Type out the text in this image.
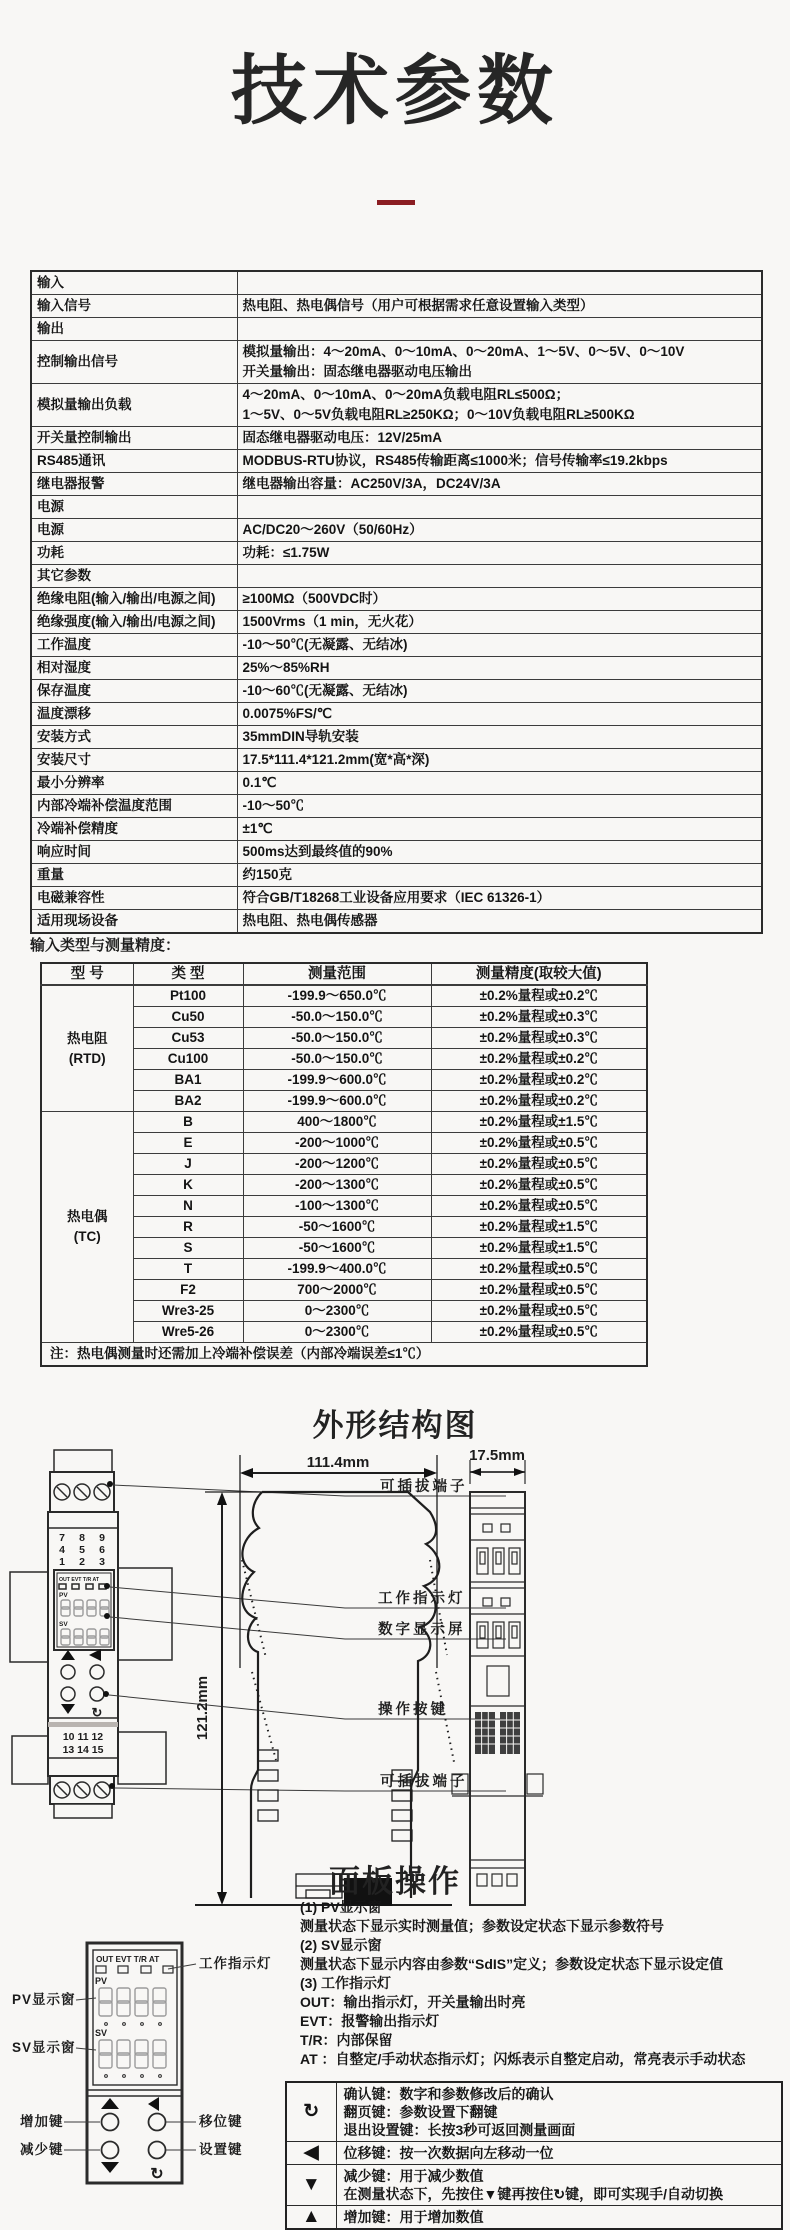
技术参数
输入	

输入信号	热电阻、热电偶信号（用户可根据需求任意设置输入类型）

输出	

控制输出信号	模拟量输出：4～20mA、0～10mA、0～20mA、1～5V、0～5V、0～10V
开关量输出：固态继电器驱动电压输出

模拟量输出负载	4～20mA、0～10mA、0～20mA负载电阻RL≤500Ω；
1～5V、0～5V负载电阻RL≥250KΩ；0～10V负载电阻RL≥500KΩ

开关量控制输出	固态继电器驱动电压：12V/25mA

RS485通讯	MODBUS-RTU协议，RS485传输距离≤1000米；信号传输率≤19.2kbps

继电器报警	继电器输出容量：AC250V/3A，DC24V/3A

电源	

电源	AC/DC20～260V（50/60Hz）

功耗	功耗：≤1.75W

其它参数	

绝缘电阻(输入/输出/电源之间)	≥100MΩ（500VDC时）

绝缘强度(输入/输出/电源之间)	1500Vrms（1 min，无火花）

工作温度	-10～50℃(无凝露、无结冰)

相对湿度	25%～85%RH

保存温度	-10～60℃(无凝露、无结冰)

温度漂移	0.0075%FS/℃

安装方式	35mmDIN导轨安装

安装尺寸	17.5*111.4*121.2mm(宽*高*深)

最小分辨率	0.1℃

内部冷端补偿温度范围	-10～50℃

冷端补偿精度	±1℃

响应时间	500ms达到最终值的90%

重量	约150克

电磁兼容性	符合GB/T18268工业设备应用要求（IEC 61326-1）

适用现场设备	热电阻、热电偶传感器
输入类型与测量精度：
型 号	类 型	测量范围	测量精度(取较大值)

热电阻
(RTD)	Pt100	-199.9～650.0℃	±0.2%量程或±0.2℃
	Cu50	-50.0～150.0℃	±0.2%量程或±0.3℃
	Cu53	-50.0～150.0℃	±0.2%量程或±0.3℃
	Cu100	-50.0～150.0℃	±0.2%量程或±0.2℃
	BA1	-199.9～600.0℃	±0.2%量程或±0.2℃
	BA2	-199.9～600.0℃	±0.2%量程或±0.2℃

热电偶
(TC)	B	400～1800℃	±0.2%量程或±1.5℃
	E	-200～1000℃	±0.2%量程或±0.5℃
	J	-200～1200℃	±0.2%量程或±0.5℃
	K	-200～1300℃	±0.2%量程或±0.5℃
	N	-100～1300℃	±0.2%量程或±0.5℃
	R	-50～1600℃	±0.2%量程或±1.5℃
	S	-50～1600℃	±0.2%量程或±1.5℃
	T	-199.9～400.0℃	±0.2%量程或±0.5℃
	F2	700～2000℃	±0.2%量程或±0.5℃
	Wre3-25	0～2300℃	±0.2%量程或±0.5℃
	Wre5-26	0～2300℃	±0.2%量程或±0.5℃
注：热电偶测量时还需加上冷端补偿误差（内部冷端误差≤1℃）			
外形结构图
7 8 9
4 5 6
1 2 3
OUT EVT T/R AT
PV
SV
↻
10 11 12
13 14 15
可插拔端子
工作指示灯
数字显示屏
操作按键
可插拔端子
111.4mm
121.2mm
17.5mm
面板操作
↻
OUT EVT T/R AT
PV
SV
工作指示灯
PV显示窗
SV显示窗
增加键	移位键
减少键	设置键
(1) PV显示窗
测量状态下显示实时测量值；参数设定状态下显示参数符号
(2) SV显示窗
测量状态下显示内容由参数“SdIS”定义；参数设定状态下显示设定值
(3) 工作指示灯
OUT：输出指示灯，开关量输出时亮
EVT：报警输出指示灯
T/R：内部保留
AT ：自整定/手动状态指示灯；闪烁表示自整定启动，常亮表示手动状态
↻	确认键：数字和参数修改后的确认
翻页键：参数设置下翻键
退出设置键：长按3秒可返回测量画面

◀	位移键：按一次数据向左移动一位

▼	减少键：用于减少数值
在测量状态下，先按住▼键再按住↻键，即可实现手/自动切换

▲	增加键：用于增加数值
